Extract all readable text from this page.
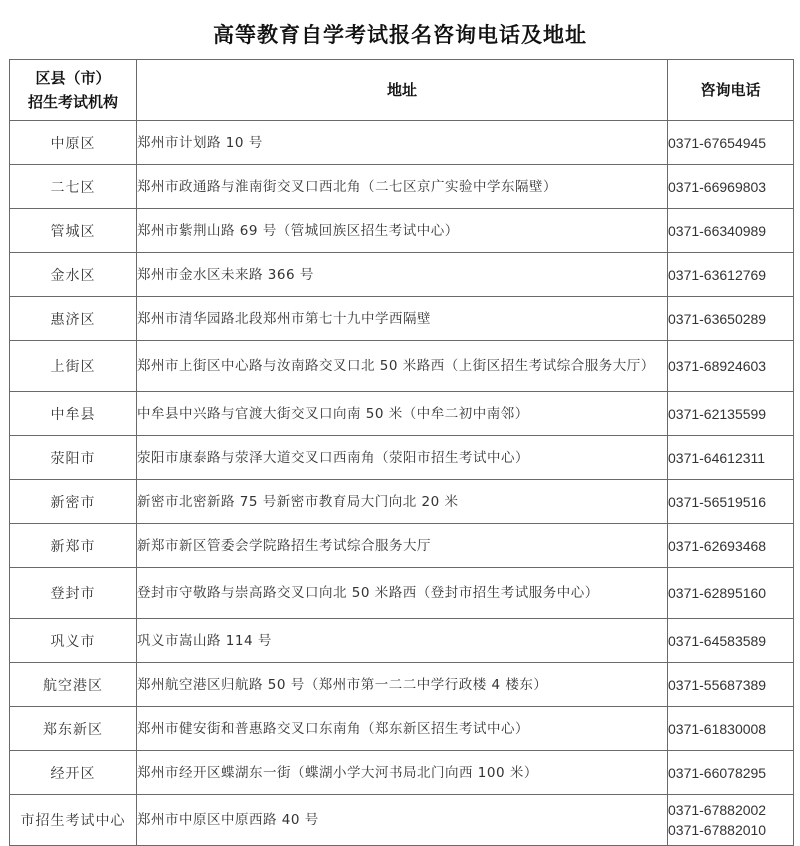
高等教育自学考试报名咨询电话及地址
区县（市）
招生考试机构	地址	咨询电话
中原区	郑州市计划路 10 号	0371-67654945

二七区	郑州市政通路与淮南街交叉口西北角（二七区京广实验中学东隔壁）	0371-66969803

管城区	郑州市紫荆山路 69 号（管城回族区招生考试中心）	0371-66340989

金水区	郑州市金水区未来路 366 号	0371-63612769

惠济区	郑州市清华园路北段郑州市第七十九中学西隔壁	0371-63650289

上街区	郑州市上街区中心路与汝南路交叉口北 50 米路西（上街区招生考试综合服务大厅）	0371-68924603

中牟县	中牟县中兴路与官渡大街交叉口向南 50 米（中牟二初中南邻）	0371-62135599

荥阳市	荥阳市康泰路与荥泽大道交叉口西南角（荥阳市招生考试中心）	0371-64612311

新密市	新密市北密新路 75 号新密市教育局大门向北 20 米	0371-56519516

新郑市	新郑市新区管委会学院路招生考试综合服务大厅	0371-62693468

登封市	登封市守敬路与崇高路交叉口向北 50 米路西（登封市招生考试服务中心）	0371-62895160

巩义市	巩义市嵩山路 114 号	0371-64583589

航空港区	郑州航空港区归航路 50 号（郑州市第一二二中学行政楼 4 楼东）	0371-55687389

郑东新区	郑州市健安街和普惠路交叉口东南角（郑东新区招生考试中心）	0371-61830008

经开区	郑州市经开区蝶湖东一街（蝶湖小学大河书局北门向西 100 米）	0371-66078295

市招生考试中心	郑州市中原区中原西路 40 号	0371-67882002
0371-67882010
